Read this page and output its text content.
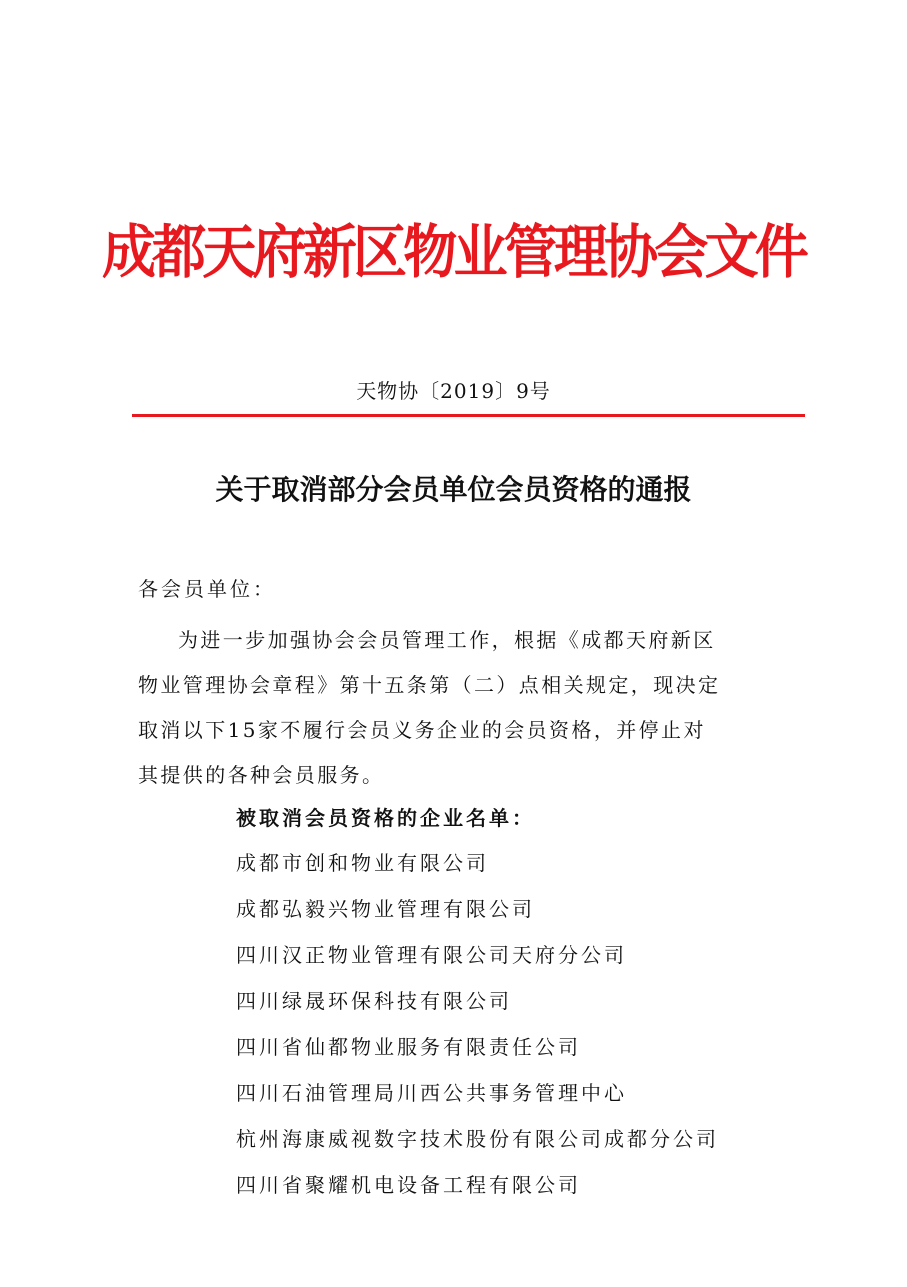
成都天府新区物业管理协会文件
天物协〔2019〕9号
关于取消部分会员单位会员资格的通报
各会员单位：
为进一步加强协会会员管理工作，根据《成都天府新区
物业管理协会章程》第十五条第（二）点相关规定，现决定
取消以下15家不履行会员义务企业的会员资格，并停止对
其提供的各种会员服务。
被取消会员资格的企业名单：
成都市创和物业有限公司
成都弘毅兴物业管理有限公司
四川汉正物业管理有限公司天府分公司
四川绿晟环保科技有限公司
四川省仙都物业服务有限责任公司
四川石油管理局川西公共事务管理中心
杭州海康威视数字技术股份有限公司成都分公司
四川省聚耀机电设备工程有限公司
